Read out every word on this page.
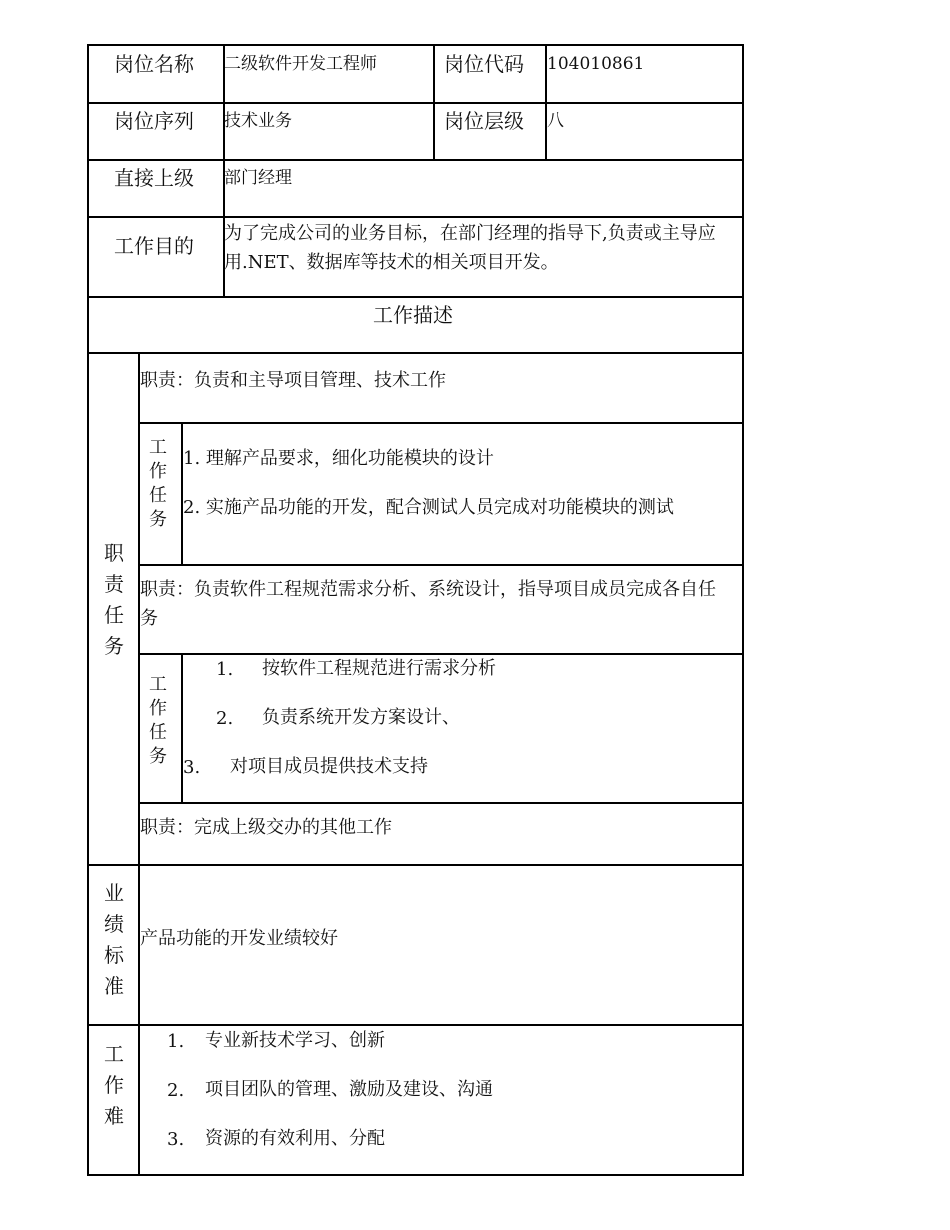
岗位名称 二级软件开发工程师	岗位代码 104010861
岗位序列 技术业务	岗位层级 八
直接上级 部门经理
工作目的
为了完成公司的业务目标，在部门经理的指导下,负责或主导应用.NET、数据库等技术的相关项目开发。
工作描述
职责任务
职责：负责和主导项目管理、技术工作
工作任务
1. 理解产品要求，细化功能模块的设计
2. 实施产品功能的开发，配合测试人员完成对功能模块的测试
职责：负责软件工程规范需求分析、系统设计，指导项目成员完成各自任务
工作任务
1. 按软件工程规范进行需求分析
2. 负责系统开发方案设计、
3. 对项目成员提供技术支持
职责：完成上级交办的其他工作
业绩标准
产品功能的开发业绩较好
工作难
1. 专业新技术学习、创新
2. 项目团队的管理、激励及建设、沟通
3. 资源的有效利用、分配
